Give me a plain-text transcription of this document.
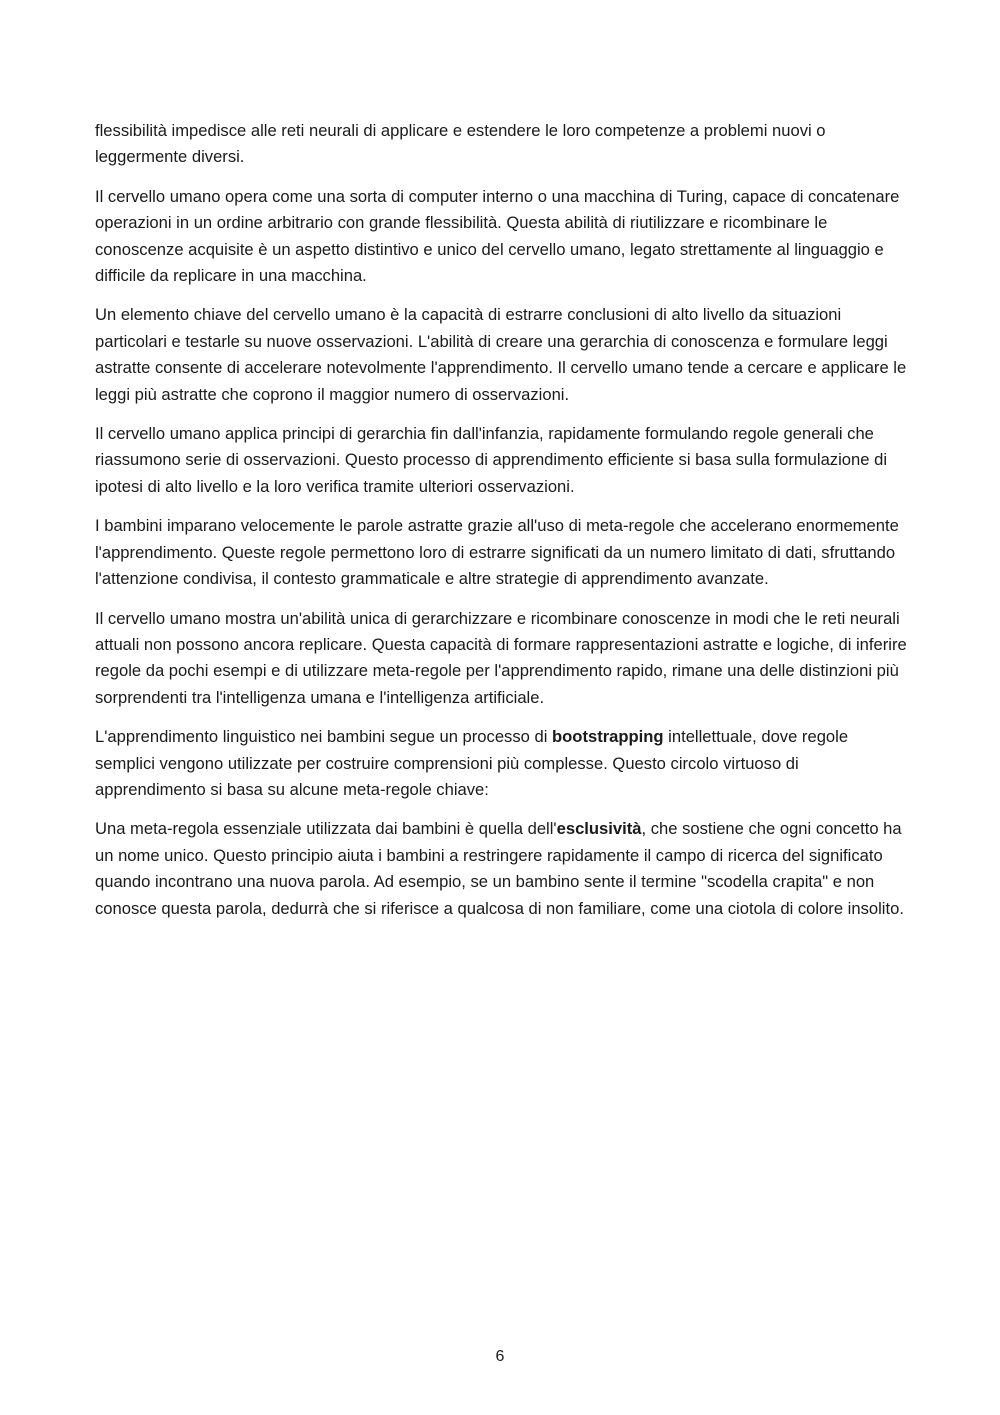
flessibilità impedisce alle reti neurali di applicare e estendere le loro competenze a problemi nuovi o leggermente diversi.

Il cervello umano opera come una sorta di computer interno o una macchina di Turing, capace di concatenare operazioni in un ordine arbitrario con grande flessibilità. Questa abilità di riutilizzare e ricombinare le conoscenze acquisite è un aspetto distintivo e unico del cervello umano, legato strettamente al linguaggio e difficile da replicare in una macchina.

Un elemento chiave del cervello umano è la capacità di estrarre conclusioni di alto livello da situazioni particolari e testarle su nuove osservazioni. L'abilità di creare una gerarchia di conoscenza e formulare leggi astratte consente di accelerare notevolmente l'apprendimento. Il cervello umano tende a cercare e applicare le leggi più astratte che coprono il maggior numero di osservazioni.

Il cervello umano applica principi di gerarchia fin dall'infanzia, rapidamente formulando regole generali che riassumono serie di osservazioni. Questo processo di apprendimento efficiente si basa sulla formulazione di ipotesi di alto livello e la loro verifica tramite ulteriori osservazioni.

I bambini imparano velocemente le parole astratte grazie all'uso di meta-regole che accelerano enormemente l'apprendimento. Queste regole permettono loro di estrarre significati da un numero limitato di dati, sfruttando l'attenzione condivisa, il contesto grammaticale e altre strategie di apprendimento avanzate.

Il cervello umano mostra un'abilità unica di gerarchizzare e ricombinare conoscenze in modi che le reti neurali attuali non possono ancora replicare. Questa capacità di formare rappresentazioni astratte e logiche, di inferire regole da pochi esempi e di utilizzare meta-regole per l'apprendimento rapido, rimane una delle distinzioni più sorprendenti tra l'intelligenza umana e l'intelligenza artificiale.

L'apprendimento linguistico nei bambini segue un processo di bootstrapping intellettuale, dove regole semplici vengono utilizzate per costruire comprensioni più complesse. Questo circolo virtuoso di apprendimento si basa su alcune meta-regole chiave:

Una meta-regola essenziale utilizzata dai bambini è quella dell'esclusività, che sostiene che ogni concetto ha un nome unico. Questo principio aiuta i bambini a restringere rapidamente il campo di ricerca del significato quando incontrano una nuova parola. Ad esempio, se un bambino sente il termine "scodella crapita" e non conosce questa parola, dedurrà che si riferisce a qualcosa di non familiare, come una ciotola di colore insolito.

6
